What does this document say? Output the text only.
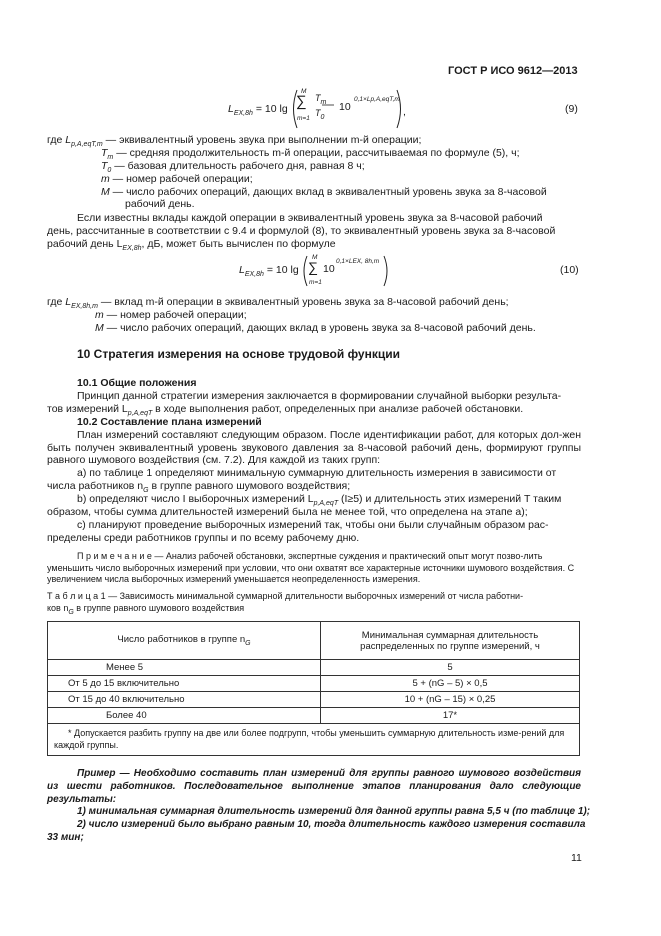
ГОСТ Р ИСО 9612—2013
$L_{EX,8h} = 10$ lg
M
∑
m=1
$T_m$
$T_0$
10
0,1×Lp,A,eqT,m
,	(9)
где $L_{p,A,eqT,m}$ — эквивалентный уровень звука при выполнении m-й операции;
$T_m$ — средняя продолжительность m-й операции, рассчитываемая по формуле (5), ч;
$T_0$ — базовая длительность рабочего дня, равная 8 ч;
m — номер рабочей операции;
M — число рабочих операций, дающих вклад в эквивалентный уровень звука за 8-часовой
рабочий день.
Если известны вклады каждой операции в эквивалентный уровень звука за 8-часовой рабочий
день, рассчитанные в соответствии с 9.4 и формулой (8), то эквивалентный уровень звука за 8-часовой
рабочий день $L_{EX,8h}$, дБ, может быть вычислен по формуле
$L_{EX,8h} = 10$ lg
M
∑
m=1
10
0,1×LEX, 8h,m
(10)
где $L_{EX,8h,m}$ — вклад m-й операции в эквивалентный уровень звука за 8-часовой рабочий день;
m — номер рабочей операции;
M — число рабочих операций, дающих вклад в уровень звука за 8-часовой рабочий день.
10 Стратегия измерения на основе трудовой функции
10.1 Общие положения
Принцип данной стратегии измерения заключается в формировании случайной выборки результа-
тов измерений $L_{p,A,eqT}$ в ходе выполнения работ, определенных при анализе рабочей обстановки.
10.2 Составление плана измерений
План измерений составляют следующим образом. После идентификации работ, для которых дол-жен быть получен эквивалентный уровень звукового давления за 8-часовой рабочий день, формируют группы равного шумового воздействия (см. 7.2). Для каждой из таких групп:
а) по таблице 1 определяют минимальную суммарную длительность измерения в зависимости от
числа работников $n_G$ в группе равного шумового воздействия;
b) определяют число I выборочных измерений $L_{p,A,eqT}$ (I≥5) и длительность этих измерений T таким
образом, чтобы сумма длительностей измерений была не менее той, что определена на этапе а);
c) планируют проведение выборочных измерений так, чтобы они были случайным образом рас-
пределены среди работников группы и по всему рабочему дню.
П р и м е ч а н и е — Анализ рабочей обстановки, экспертные суждения и практический опыт могут позво-лить уменьшить число выборочных измерений при условии, что они охватят все характерные источники шумового воздействия. С увеличением числа выборочных измерений уменьшается неопределенность измерения.
Т а б л и ц а 1 — Зависимость минимальной суммарной длительности выборочных измерений от числа работни-
ков $n_G$ в группе равного шумового воздействия
Число работников в группе $n_G$	Минимальная суммарная длительность распределенных по группе измерений, ч
Менее 5	5
От 5 до 15 включительно	5 + (nG – 5) × 0,5
От 15 до 40 включительно	10 + (nG – 15) × 0,25
Более 40	17*
* Допускается разбить группу на две или более подгрупп, чтобы уменьшить суммарную длительность изме-рений для каждой группы.	
Пример — Необходимо составить план измерений для группы равного шумового воздействия из шести работников. Последовательное выполнение этапов планирования дало следующие результаты:
1) минимальная суммарная длительность измерений для данной группы равна 5,5 ч (по таблице 1);
2) число измерений было выбрано равным 10, тогда длительность каждого измерения составила
33 мин;
11
